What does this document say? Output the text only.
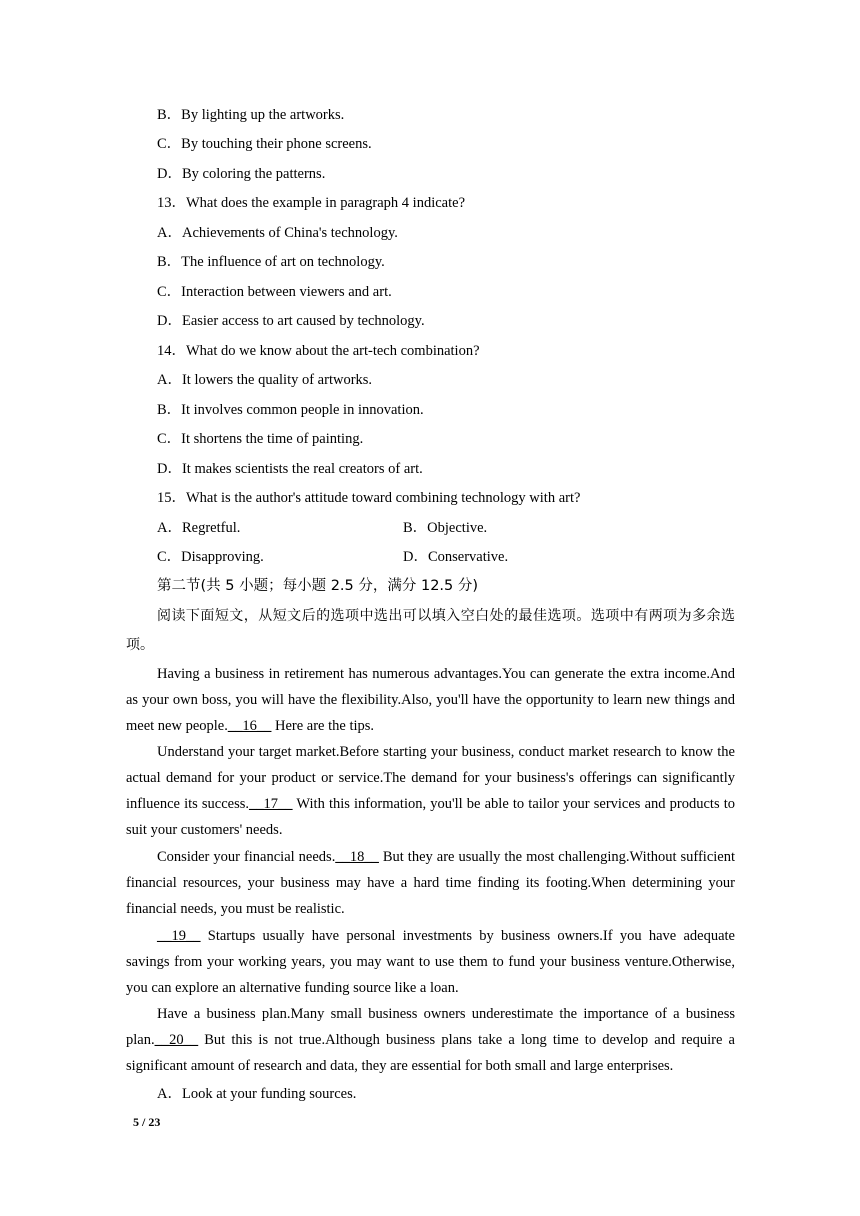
B．By lighting up the artworks.
C．By touching their phone screens.
D．By coloring the patterns.
13．What does the example in paragraph 4 indicate?
A．Achievements of China's technology.
B．The influence of art on technology.
C．Interaction between viewers and art.
D．Easier access to art caused by technology.
14．What do we know about the art-tech combination?
A．It lowers the quality of artworks.
B．It involves common people in innovation.
C．It shortens the time of painting.
D．It makes scientists the real creators of art.
15．What is the author's attitude toward combining technology with art?
A．Regretful.	B．Objective.
C．Disapproving.	D．Conservative.
第二节(共 5 小题；每小题 2.5 分，满分 12.5 分)
阅读下面短文，从短文后的选项中选出可以填入空白处的最佳选项。选项中有两项为多余选项。
Having a business in retirement has numerous advantages.You can generate the extra income.And as your own boss, you will have the flexibility.Also, you'll have the opportunity to learn new things and meet new people.__16__ Here are the tips.
Understand your target market.Before starting your business, conduct market research to know the actual demand for your product or service.The demand for your business's offerings can significantly influence its success.__17__ With this information, you'll be able to tailor your services and products to suit your customers' needs.
Consider your financial needs.__18__ But they are usually the most challenging.Without sufficient financial resources, your business may have a hard time finding its footing.When determining your financial needs, you must be realistic.
__19__ Startups usually have personal investments by business owners.If you have adequate savings from your working years, you may want to use them to fund your business venture.Otherwise, you can explore an alternative funding source like a loan.
Have a business plan.Many small business owners underestimate the importance of a business plan.__20__ But this is not true.Although business plans take a long time to develop and require a significant amount of research and data, they are essential for both small and large enterprises.
A．Look at your funding sources.
5 / 23
